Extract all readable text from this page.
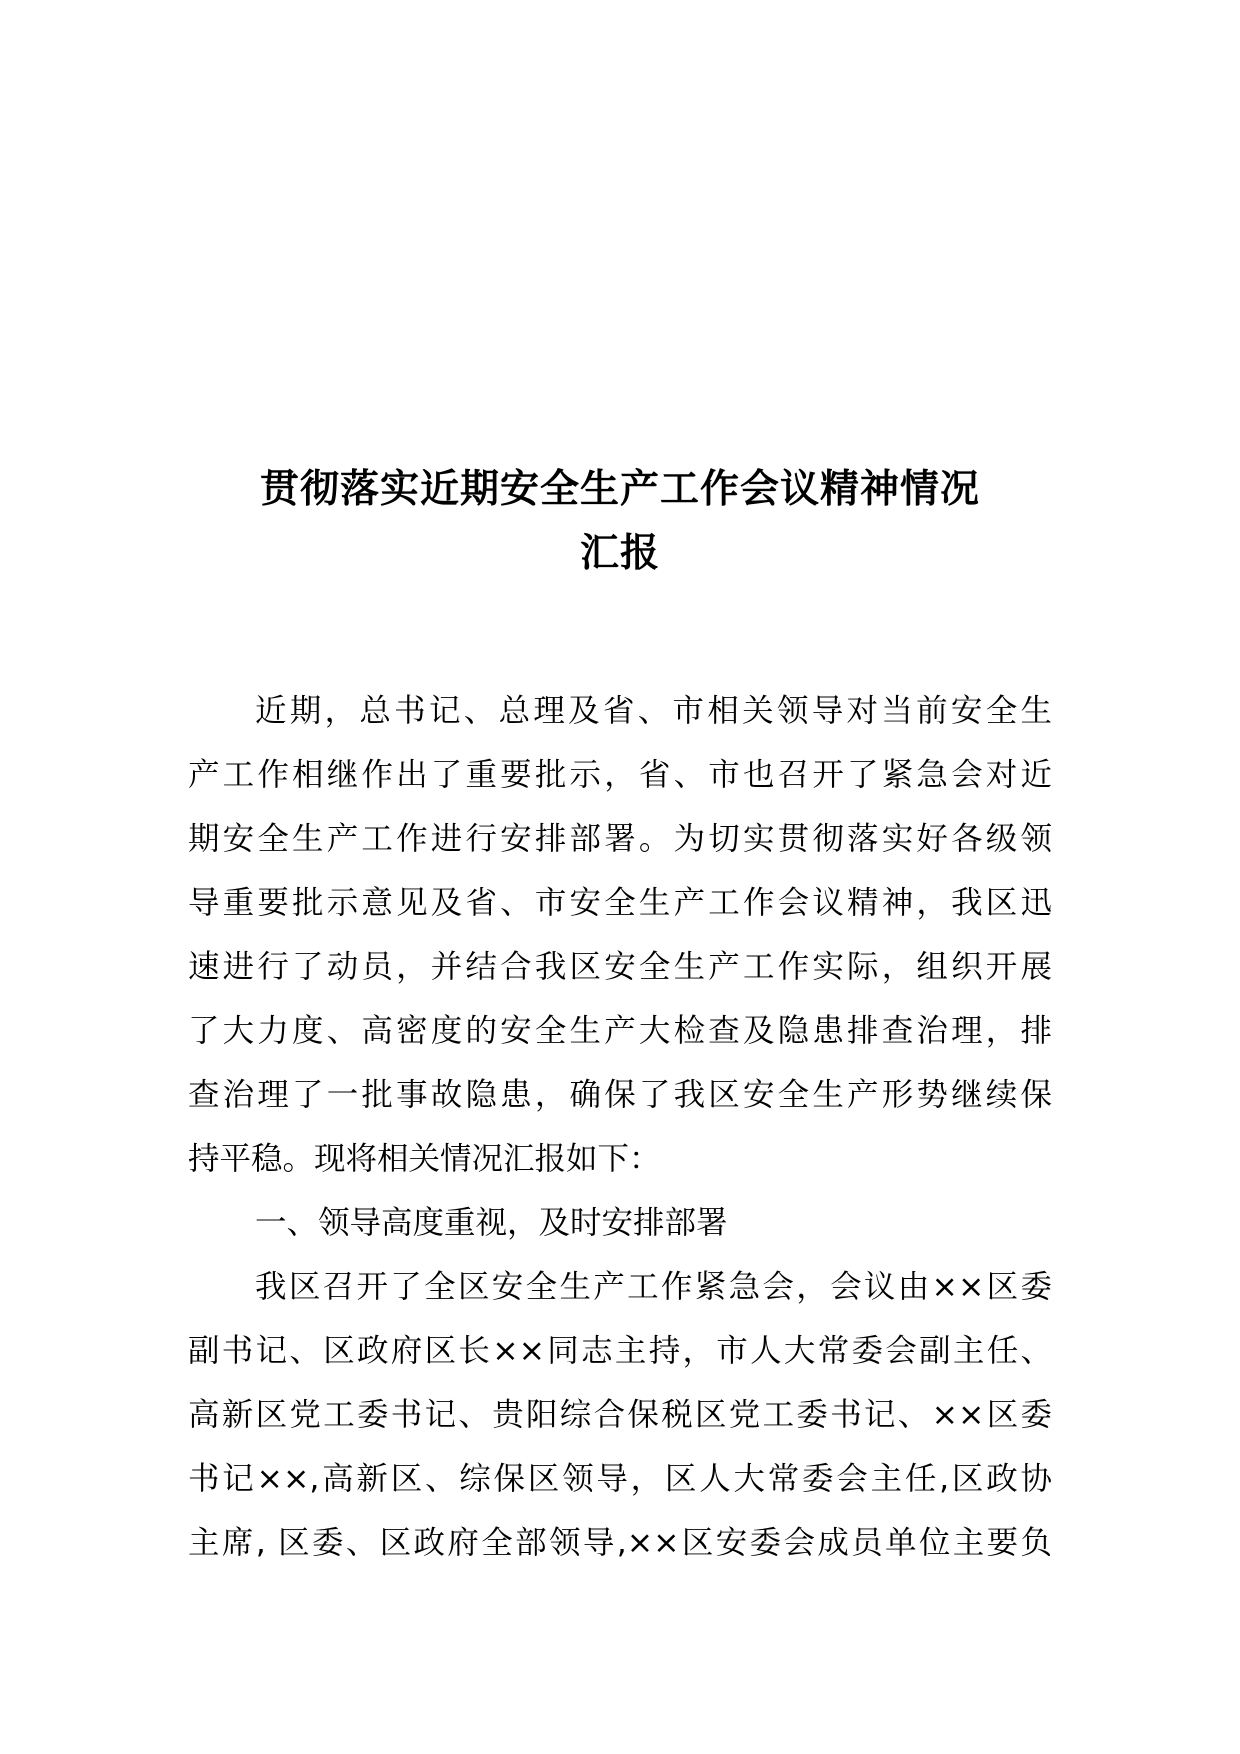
贯彻落实近期安全生产工作会议精神情况
汇报

近期，总书记、总理及省、市相关领导对当前安全生

产工作相继作出了重要批示，省、市也召开了紧急会对近

期安全生产工作进行安排部署。为切实贯彻落实好各级领

导重要批示意见及省、市安全生产工作会议精神，我区迅

速进行了动员，并结合我区安全生产工作实际，组织开展

了大力度、高密度的安全生产大检查及隐患排查治理，排

查治理了一批事故隐患，确保了我区安全生产形势继续保

持平稳。现将相关情况汇报如下：

一、领导高度重视，及时安排部署

我区召开了全区安全生产工作紧急会，会议由××区委

副书记、区政府区长××同志主持，市人大常委会副主任、

高新区党工委书记、贵阳综合保税区党工委书记、××区委

书记××,高新区、综保区领导，区人大常委会主任,区政协

主席, 区委、区政府全部领导,××区安委会成员单位主要负
